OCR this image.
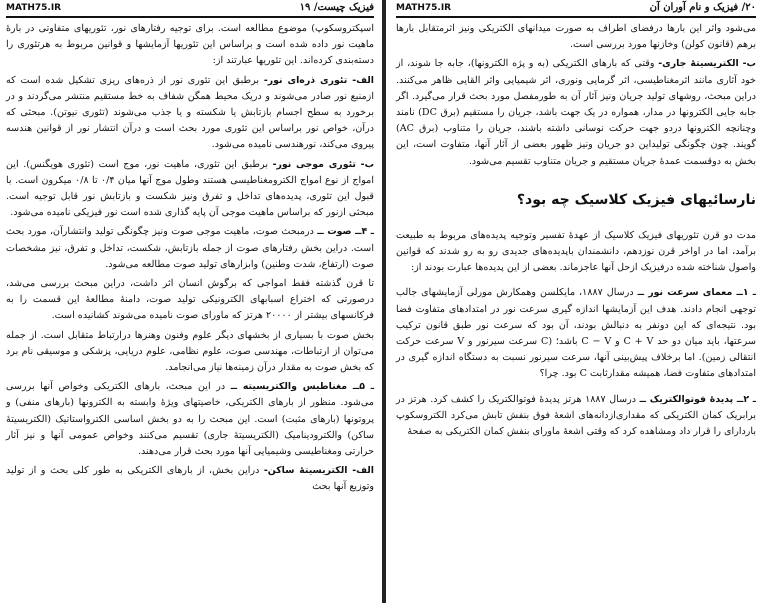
فیزیک چیست/ ۱۹
MATH75.IR

اسپکتروسکوپ) موضوع مطالعه است. برای توجیه رفتارهای نور، تئوریهای متفاوتی در بارهٔ ماهیت نور داده شده است و براساس این تئوریها آزمایشها و قوانین مربوط به هرتئوری را دسته‌بندی کرده‌اند. این تئوریها عبارتند از:

الف- تئوری ذره‌ای نور- برطبق این تئوری نور از ذره‌های ریزی تشکیل شده است که ازمنبع نور صادر می‌شوند و دریک محیط همگن شفاف به خط مستقیم منتشر می‌گردند و در برخورد به سطح اجسام بازتابش یا شکسته و یا جذب می‌شوند (تئوری نیوتن). مبحثی که درآن، خواص نور براساس این تئوری مورد بحث است و درآن انتشار نور از قوانین هندسه پیروی می‌کند، نورهندسی نامیده می‌شود.

ب- تئوری موجی نور- برطبق این تئوری، ماهیت نور، موج است (تئوری هویگنس). این امواج از نوع امواج الکترومغناطیسی هستند وطول موج آنها میان ۰/۴ تا ۰/۸ میکرون است. با قبول این تئوری، پدیده‌های تداخل و تفرق ونیز شکست و بازتابش نور قابل توجیه است. مبحثی ازنور که براساس ماهیت موجی آن پایه گذاری شده است نور فیزیکی نامیده می‌شود.

ـ ۴ــ صوت ــ درمبحث صوت، ماهیت موجی صوت ونیز چگونگی تولید وانتشارآن، مورد بحث است. دراین بخش رفتارهای صوت از جمله بازتابش، شکست، تداخل و تفرق، نیز مشخصات صوت (ارتفاع، شدت وطنین) وابزارهای تولید صوت مطالعه می‌شود.

تا قرن گذشته فقط امواجی که برگوش انسان اثر داشت، دراین مبحث بررسی می‌شد، درصورتی که اختراع اسبابهای الکترونیکی تولید صوت، دامنهٔ مطالعهٔ این قسمت را به فرکانسهای بیشتر از ۲۰۰۰۰ هرتز که ماورای صوت نامیده می‌شوند کشانیده است.

بخش صوت با بسیاری از بخشهای دیگر علوم وفنون وهنرها درارتباط متقابل است. از جمله می‌توان از ارتباطات، مهندسی صوت، علوم نظامی، علوم دریایی، پزشکی و موسیقی نام برد که بخش صوت به مقدار درآن زمینه‌ها نیاز می‌انجامد.

ـ ۵ــ مغناطیس والکتریسیته ــ در این مبحث، بارهای الکتریکی وخواص آنها بررسی می‌شود. منظور از بارهای الکتریکی، خاصیتهای ویژهٔ وابسته به الکترونها (بارهای منفی) و پروتونها (بارهای مثبت) است. این مبحث را به دو بخش اساسی الکترواستاتیک (الکتریسیتهٔ ساکن) والکترودینامیک (الکتریسیتهٔ جاری) تقسیم می‌کنند وخواص عمومی آنها و نیز آثار حرارتی ومغناطیسی وشیمیایی آنها مورد بحث قرار می‌دهند.

الف- الکتریسیتهٔ ساکن- دراین بخش، از بارهای الکتریکی به طور کلی بحث و از تولید وتوزیع آنها بحث

۲۰/ فیزیک و نام آوران آن
MATH75.IR

می‌شود واثر این بارها درفضای اطراف به صورت میدانهای الکتریکی ونیز اثرمتقابل بارها برهم (قانون کولن) وخازنها مورد بررسی است.

ب- الکتریسیتهٔ جاری- وقتی که بارهای الکتریکی (به و پژه الکترونها)، جابه جا شوند، از خود آثاری مانند اثرمغناطیسی، اثر گرمایی ونوری، اثر شیمیایی واثر القایی ظاهر می‌کنند. دراین مبحث، روشهای تولید جریان ونیز آثار آن به طورمفصل مورد بحث قرار می‌گیرد. اگر جابه جایی الکترونها در مدار، همواره در یک جهت باشد، جریان را مستقیم (برق DC) نامند وچنانچه الکترونها دردو جهت حرکت نوسانی داشته باشند، جریان را متناوب (برق AC) گویند. چون چگونگی تولیداین دو جریان ونیز ظهور بعضی از آثار آنها، متفاوت است، این بخش به دوقسمت عمدهٔ جریان مستقیم و جریان متناوب تقسیم می‌شود.

نارسائیهای فیزیک کلاسیک چه بود؟

مدت دو قرن تئوریهای فیزیک کلاسیک از عهدهٔ تفسیر وتوجیه پدیده‌های مربوط به طبیعت برآمد، اما در اواخر قرن نوزدهم، دانشمندان باپدیده‌های جدیدی رو به رو شدند که قوانین واصول شناخته شده درفیزیک ازحل آنها عاجزماند. بعضی از این پدیده‌ها عبارت بودند از:

ـ ۱ــ معمای سرعت نور ــ درسال ۱۸۸۷، مایکلسن وهمکارش مورلی آزمایشهای جالب توجهی انجام دادند. هدف این آزمایشها اندازه گیری سرعت نور در امتدادهای متفاوت فضا بود. نتیجه‌ای که این دونفر به دنبالش بودند، آن بود که سرعت نور طبق قانون ترکیب سرعتها، باید میان دو حد C + V و C − V باشد؛ (C سرعت سیرنور و V سرعت حرکت انتقالی زمین). اما برخلاف پیش‌بینی آنها، سرعت سیرنور نسبت به دستگاه اندازه گیری در امتدادهای متفاوت فضا، همیشه مقدارثابت C بود. چرا؟

ـ ۲ــ پدیدهٔ فوتوالکتریک ــ درسال ۱۸۸۷ هرتز پدیدهٔ فوتوالکتریک را کشف کرد. هرتز در برابریک کمان الکتریکی که مقداری‌ازدانه‌های اشعهٔ فوق بنفش تابش می‌کرد الکتروسکوپ باردارای را قرار داد ومشاهده کرد که وقتی اشعهٔ ماورای بنفش کمان الکتریکی به صفحهٔ
